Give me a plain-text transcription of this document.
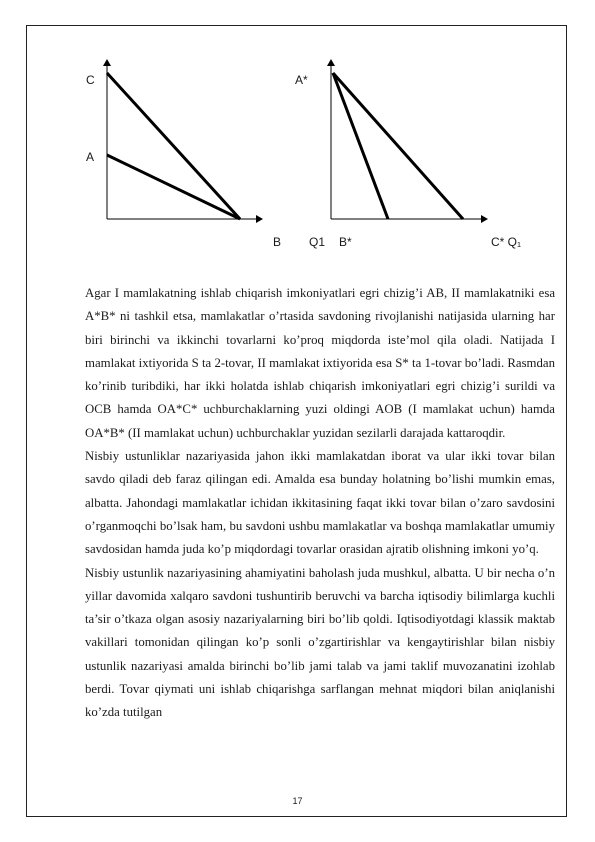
C
A
B Q1
A*
B*	C* Q₁

Agar I mamlakatning ishlab chiqarish imkoniyatlari egri chizig’i AB, II mamlakatniki esa A*B* ni tashkil etsa, mamlakatlar o’rtasida savdoning rivojlanishi natijasida ularning har biri birinchi va ikkinchi tovarlarni ko’proq miqdorda iste’mol qila oladi. Natijada I mamlakat ixtiyorida S ta 2-tovar, II mamlakat ixtiyorida esa S* ta 1-tovar bo’ladi. Rasmdan ko’rinib turibdiki, har ikki holatda ishlab chiqarish imkoniyatlari egri chizig’i surildi va OCB hamda OA*C* uchburchaklarning yuzi oldingi AOB (I mamlakat uchun) hamda OA*B* (II mamlakat uchun) uchburchaklar yuzidan sezilarli darajada kattaroqdir.

Nisbiy ustunliklar nazariyasida jahon ikki mamlakatdan iborat va ular ikki tovar bilan savdo qiladi deb faraz qilingan edi. Amalda esa bunday holatning bo’lishi mumkin emas, albatta. Jahondagi mamlakatlar ichidan ikkitasining faqat ikki tovar bilan o’zaro savdosini o’rganmoqchi bo’lsak ham, bu savdoni ushbu mamlakatlar va boshqa mamlakatlar umumiy savdosidan hamda juda ko’p miqdordagi tovarlar orasidan ajratib olishning imkoni yo’q.

Nisbiy ustunlik nazariyasining ahamiyatini baholash juda mushkul, albatta. U bir necha o’n yillar davomida xalqaro savdoni tushuntirib beruvchi va barcha iqtisodiy bilimlarga kuchli ta’sir o’tkaza olgan asosiy nazariyalarning biri bo’lib qoldi. Iqtisodiyotdagi klassik maktab vakillari tomonidan qilingan ko’p sonli o’zgartirishlar va kengaytirishlar bilan nisbiy ustunlik nazariyasi amalda birinchi bo’lib jami talab va jami taklif muvozanatini izohlab berdi. Tovar qiymati uni ishlab chiqarishga sarflangan mehnat miqdori bilan aniqlanishi ko’zda tutilgan

17
